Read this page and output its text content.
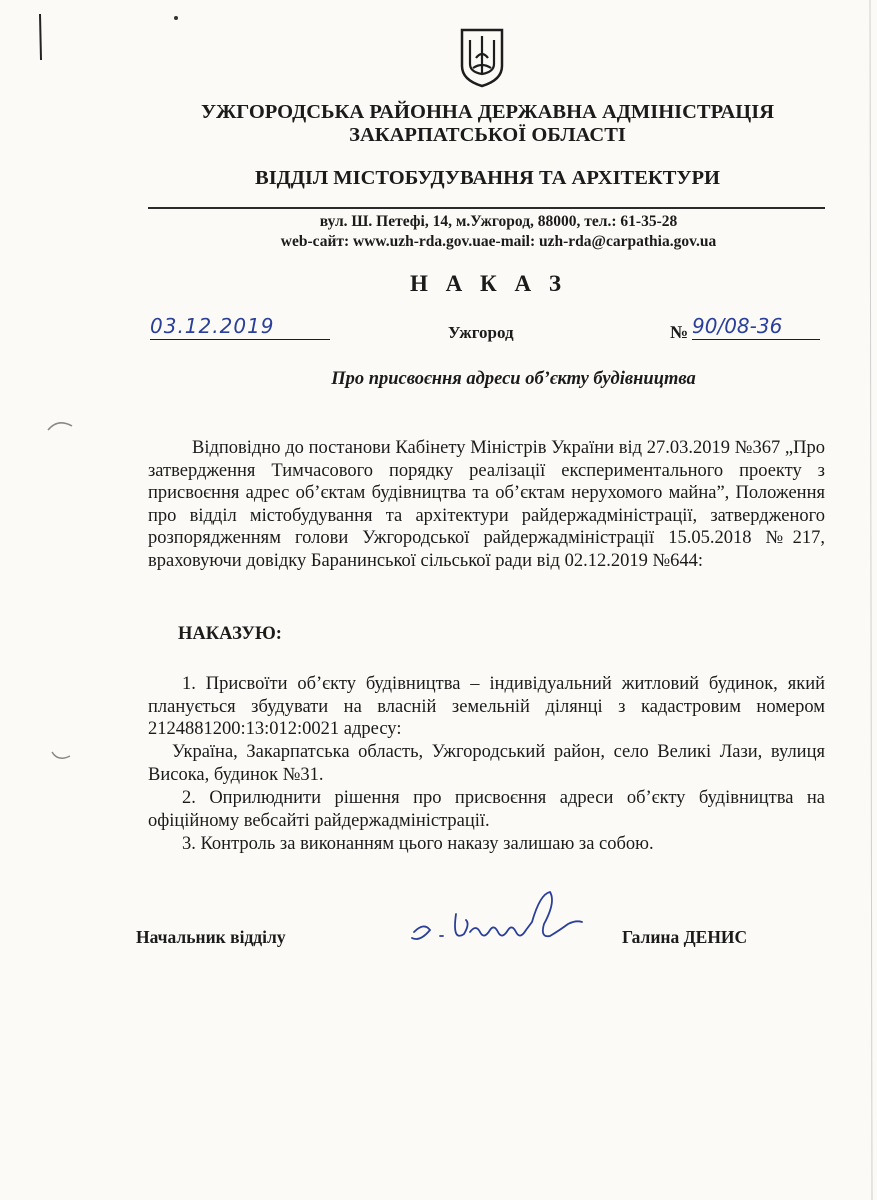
УЖГОРОДСЬКА РАЙОННА ДЕРЖАВНА АДМІНІСТРАЦІЯ
ЗАКАРПАТСЬКОЇ ОБЛАСТІ
ВІДДІЛ МІСТОБУДУВАННЯ ТА АРХІТЕКТУРИ
вул. Ш. Петефі, 14, м.Ужгород, 88000, тел.: 61-35-28
web-сайт: www.uzh-rda.gov.uae-mail: uzh-rda@carpathia.gov.ua
Н А К А З
03.12.2019	Ужгород	№ 90/08-36
Про присвоєння адреси об’єкту будівництва
Відповідно до постанови Кабінету Міністрів України від 27.03.2019 №367 „Про затвердження Тимчасового порядку реалізації експериментального проекту з присвоєння адрес об’єктам будівництва та об’єктам нерухомого майна”, Положення про відділ містобудування та архітектури райдержадміністрації, затвердженого розпорядженням голови Ужгородської райдержадміністрації 15.05.2018 №217, враховуючи довідку Баранинської сільської ради від 02.12.2019 №644:
НАКАЗУЮ:
1. Присвоїти об’єкту будівництва – індивідуальний житловий будинок, який планується збудувати на власній земельній ділянці з кадастровим номером 2124881200:13:012:0021 адресу:
Україна, Закарпатська область, Ужгородський район, село Великі Лази, вулиця Висока, будинок №31.
2. Оприлюднити рішення про присвоєння адреси об’єкту будівництва на офіційному вебсайті райдержадміністрації.
3. Контроль за виконанням цього наказу залишаю за собою.
Начальник відділу	Галина ДЕНИС
